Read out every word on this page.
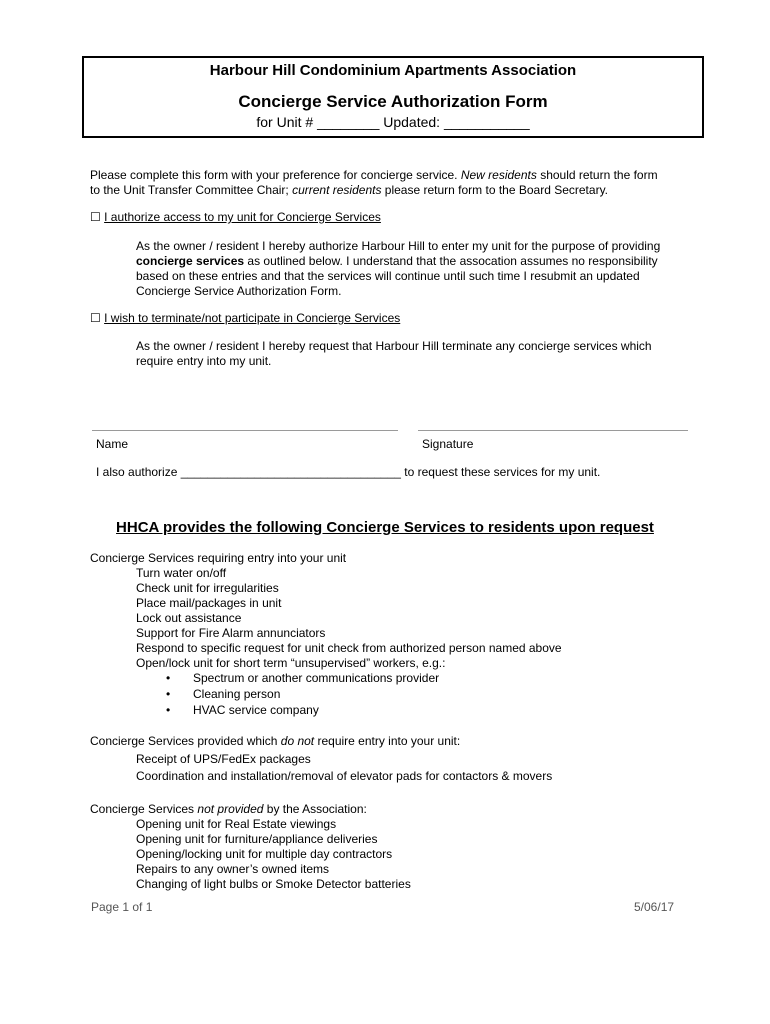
Harbour Hill Condominium Apartments Association
Concierge Service Authorization Form
for Unit # ________ Updated: ___________
Please complete this form with your preference for concierge service. New residents should return the form
to the Unit Transfer Committee Chair; current residents please return form to the Board Secretary.
☐ I authorize access to my unit for Concierge Services
As the owner / resident I hereby authorize Harbour Hill to enter my unit for the purpose of providing
concierge services as outlined below. I understand that the assocation assumes no responsibility
based on these entries and that the services will continue until such time I resubmit an updated
Concierge Service Authorization Form.
☐ I wish to terminate/not participate in Concierge Services
As the owner / resident I hereby request that Harbour Hill terminate any concierge services which
require entry into my unit.
Name	Signature
I also authorize _________________________________ to request these services for my unit.
HHCA provides the following Concierge Services to residents upon request
Concierge Services requiring entry into your unit
Turn water on/off
Check unit for irregularities
Place mail/packages in unit
Lock out assistance
Support for Fire Alarm annunciators
Respond to specific request for unit check from authorized person named above
Open/lock unit for short term “unsupervised” workers, e.g.:
• Spectrum or another communications provider
• Cleaning person
• HVAC service company
Concierge Services provided which do not require entry into your unit:
Receipt of UPS/FedEx packages
Coordination and installation/removal of elevator pads for contactors & movers
Concierge Services not provided by the Association:
Opening unit for Real Estate viewings
Opening unit for furniture/appliance deliveries
Opening/locking unit for multiple day contractors
Repairs to any owner’s owned items
Changing of light bulbs or Smoke Detector batteries
Page 1 of 1	5/06/17
